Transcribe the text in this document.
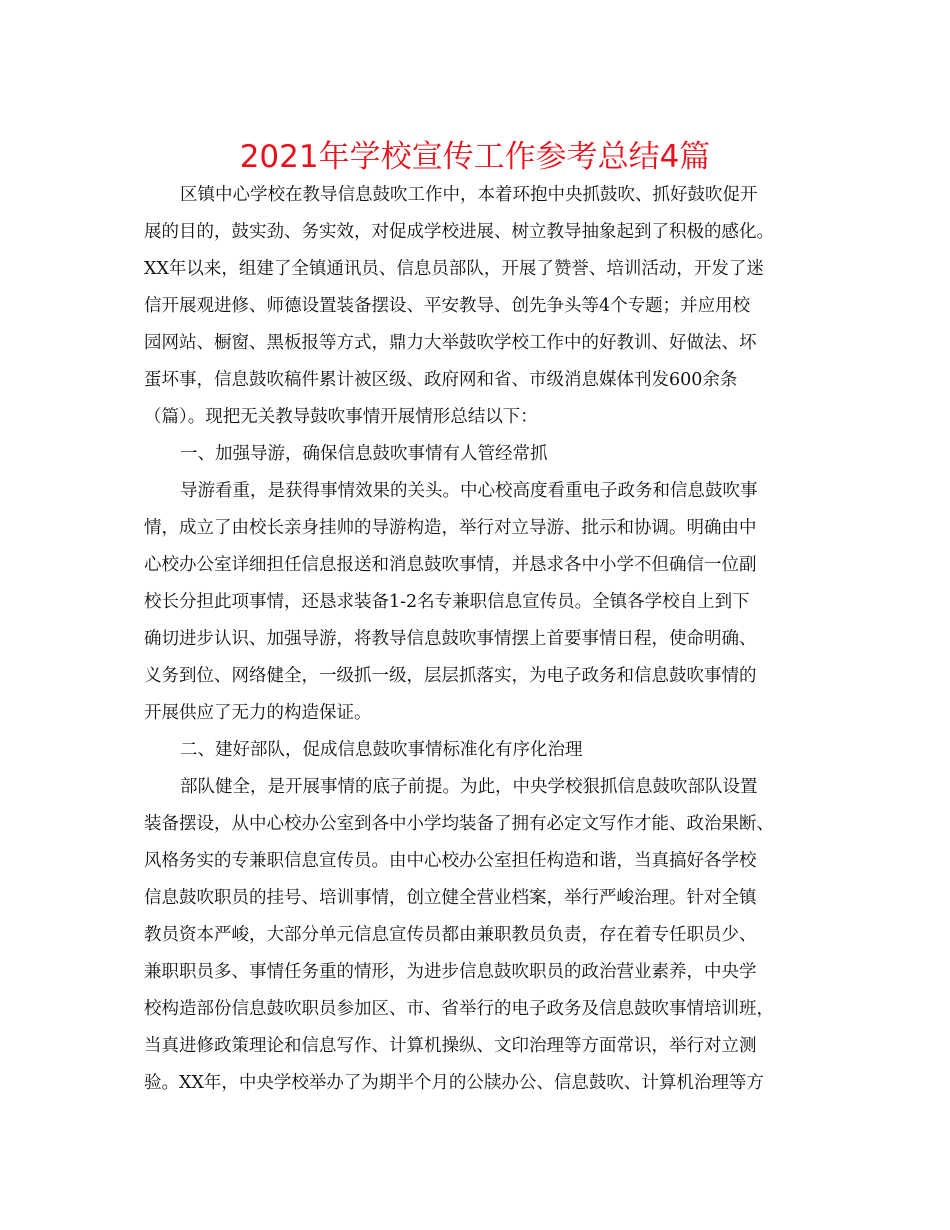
2021年学校宣传工作参考总结4篇
区镇中心学校在教导信息鼓吹工作中，本着环抱中央抓鼓吹、抓好鼓吹促开
展的目的，鼓实劲、务实效，对促成学校进展、树立教导抽象起到了积极的感化。
XX年以来，组建了全镇通讯员、信息员部队，开展了赞誉、培训活动，开发了迷
信开展观进修、师德设置装备摆设、平安教导、创先争头等4个专题；并应用校
园网站、橱窗、黑板报等方式，鼎力大举鼓吹学校工作中的好教训、好做法、坏
蛋坏事，信息鼓吹稿件累计被区级、政府网和省、市级消息媒体刊发600余条
（篇）。现把无关教导鼓吹事情开展情形总结以下：
一、加强导游，确保信息鼓吹事情有人管经常抓
导游看重，是获得事情效果的关头。中心校高度看重电子政务和信息鼓吹事
情，成立了由校长亲身挂帅的导游构造，举行对立导游、批示和协调。明确由中
心校办公室详细担任信息报送和消息鼓吹事情，并恳求各中小学不但确信一位副
校长分担此项事情，还恳求装备1-2名专兼职信息宣传员。全镇各学校自上到下
确切进步认识、加强导游，将教导信息鼓吹事情摆上首要事情日程，使命明确、
义务到位、网络健全，一级抓一级，层层抓落实，为电子政务和信息鼓吹事情的
开展供应了无力的构造保证。
二、建好部队，促成信息鼓吹事情标准化有序化治理
部队健全，是开展事情的底子前提。为此，中央学校狠抓信息鼓吹部队设置
装备摆设，从中心校办公室到各中小学均装备了拥有必定文写作才能、政治果断、
风格务实的专兼职信息宣传员。由中心校办公室担任构造和谐，当真搞好各学校
信息鼓吹职员的挂号、培训事情，创立健全营业档案，举行严峻治理。针对全镇
教员资本严峻，大部分单元信息宣传员都由兼职教员负责，存在着专任职员少、
兼职职员多、事情任务重的情形，为进步信息鼓吹职员的政治营业素养，中央学
校构造部份信息鼓吹职员参加区、市、省举行的电子政务及信息鼓吹事情培训班，
当真进修政策理论和信息写作、计算机操纵、文印治理等方面常识，举行对立测
验。XX年，中央学校举办了为期半个月的公牍办公、信息鼓吹、计算机治理等方
